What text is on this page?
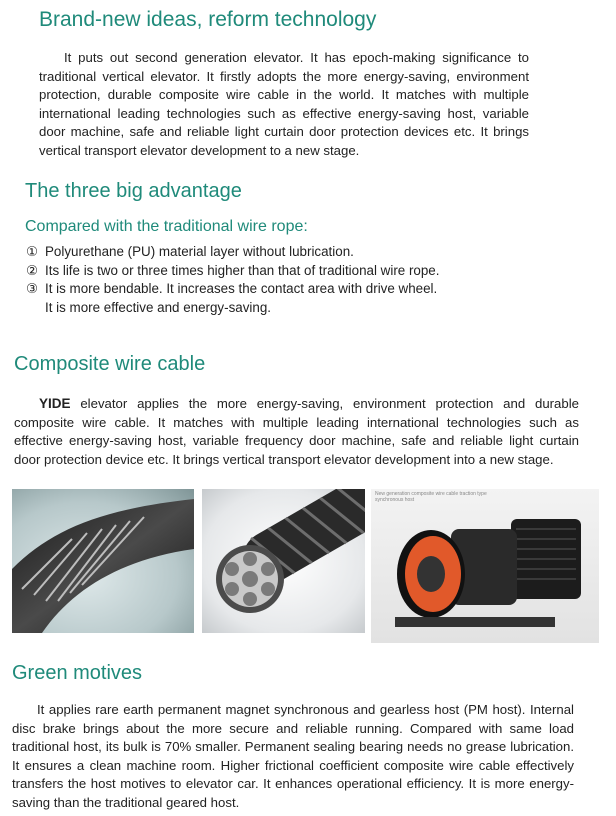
Brand-new ideas, reform technology
It puts out second generation elevator. It has epoch-making significance to
traditional vertical elevator. It firstly adopts the more energy-saving, environment
protection, durable composite wire cable in the world. It matches with multiple
international leading technologies such as effective energy-saving host, variable
door machine, safe and reliable light curtain door protection devices etc. It brings
vertical transport elevator development to a new stage.
The three big advantage
Compared with the traditional wire rope:
① Polyurethane (PU) material layer without lubrication.
② Its life is two or three times higher than that of traditional wire rope.
③ It is more bendable. It increases the contact area with drive wheel.
It is more effective and energy-saving.
Composite wire cable
YIDE elevator applies the more energy-saving, environment protection and durable
composite wire cable. It matches with multiple leading international technologies such as
effective energy-saving host, variable frequency door machine, safe and reliable light curtain
door protection device etc. It brings vertical transport elevator development into a new stage.
New generation composite wire cable traction type
synchronous host
Green motives
It applies rare earth permanent magnet synchronous and gearless host (PM host). Internal
disc brake brings about the more secure and reliable running. Compared with same load
traditional host, its bulk is 70% smaller. Permanent sealing bearing needs no grease lubrication.
It ensures a clean machine room. Higher frictional coefficient composite wire cable effectively
transfers the host motives to elevator car. It enhances operational efficiency. It is more energy-
saving than the traditional geared host.
